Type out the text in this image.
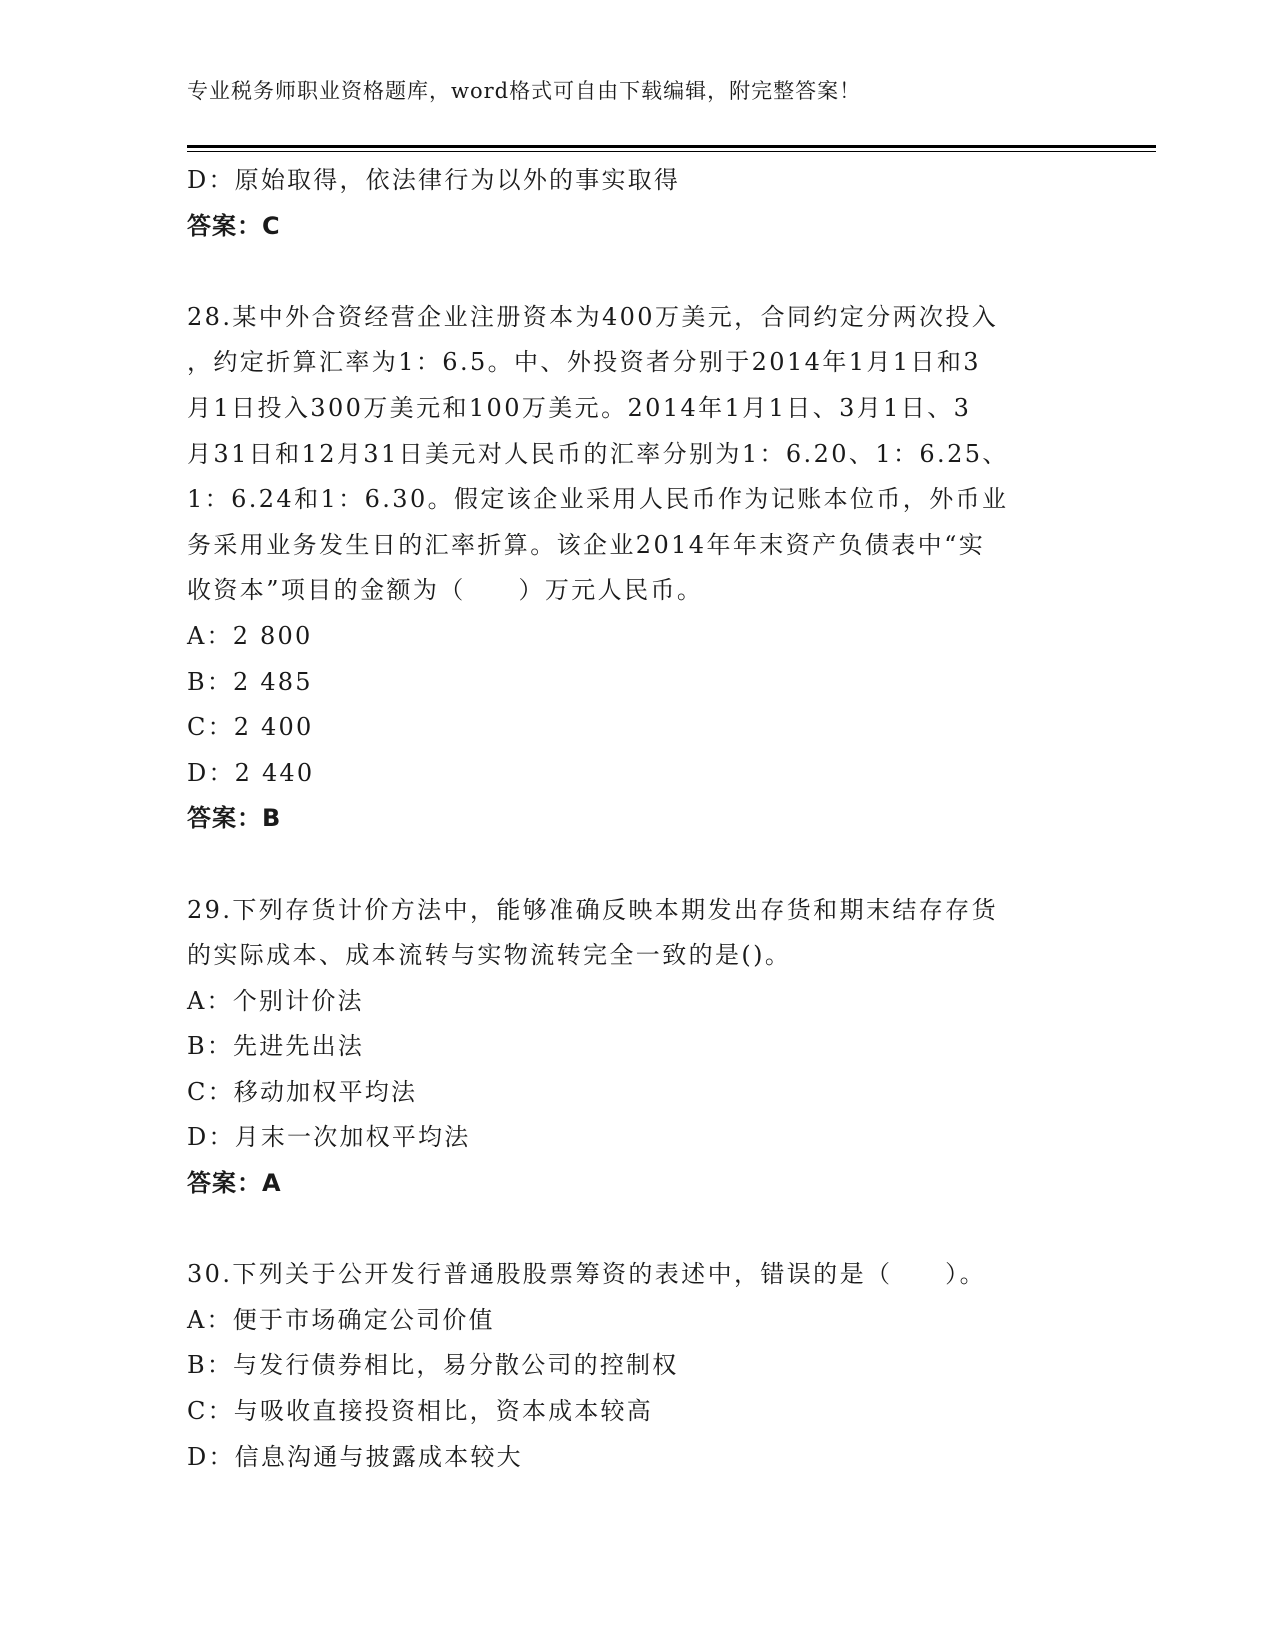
专业税务师职业资格题库，word格式可自由下载编辑，附完整答案！
D：原始取得，依法律行为以外的事实取得
答案：C
28.某中外合资经营企业注册资本为400万美元，合同约定分两次投入
，约定折算汇率为1：6.5。中、外投资者分别于2014年1月1日和3
月1日投入300万美元和100万美元。2014年1月1日、3月1日、3
月31日和12月31日美元对人民币的汇率分别为1：6.20、1：6.25、
1：6.24和1：6.30。假定该企业采用人民币作为记账本位币，外币业
务采用业务发生日的汇率折算。该企业2014年年末资产负债表中“实
收资本”项目的金额为（　　）万元人民币。
A：2 800
B：2 485
C：2 400
D：2 440
答案：B
29.下列存货计价方法中，能够准确反映本期发出存货和期末结存存货
的实际成本、成本流转与实物流转完全一致的是()。
A：个别计价法
B：先进先出法
C：移动加权平均法
D：月末一次加权平均法
答案：A
30.下列关于公开发行普通股股票筹资的表述中，错误的是（　　）。
A：便于市场确定公司价值
B：与发行债券相比，易分散公司的控制权
C：与吸收直接投资相比，资本成本较高
D：信息沟通与披露成本较大
